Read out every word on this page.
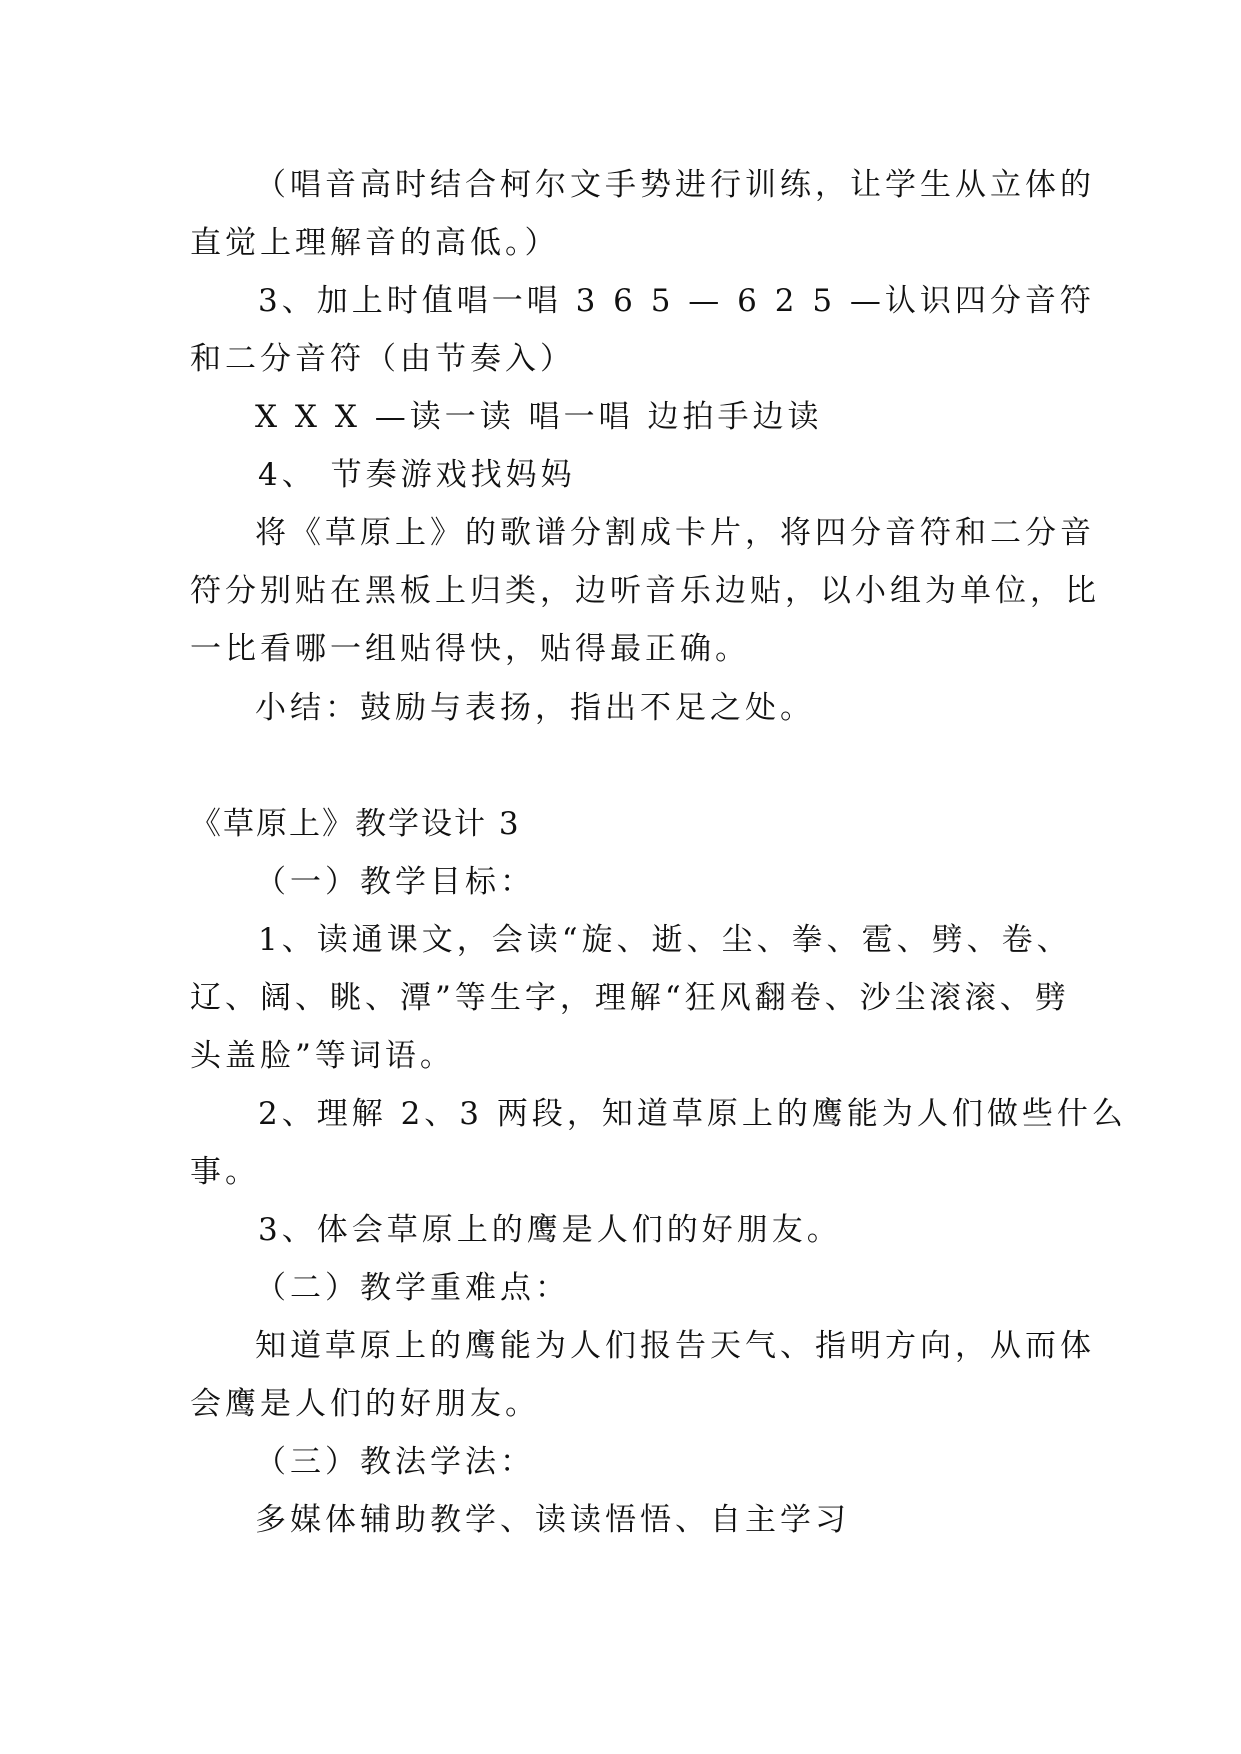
（唱音高时结合柯尔文手势进行训练，让学生从立体的
直觉上理解音的高低。）
3、加上时值唱一唱 3 6 5 — 6 2 5 —认识四分音符
和二分音符（由节奏入）
X X X —读一读 唱一唱 边拍手边读
4、 节奏游戏找妈妈
将《草原上》的歌谱分割成卡片，将四分音符和二分音
符分别贴在黑板上归类，边听音乐边贴，以小组为单位，比
一比看哪一组贴得快，贴得最正确。
小结：鼓励与表扬，指出不足之处。
《草原上》教学设计 3
（一）教学目标：
1、读通课文，会读“旋、逝、尘、拳、雹、劈、卷、
辽、阔、眺、潭”等生字，理解“狂风翻卷、沙尘滚滚、劈
头盖脸”等词语。
2、理解 2、3 两段，知道草原上的鹰能为人们做些什么
事。
3、体会草原上的鹰是人们的好朋友。
（二）教学重难点：
知道草原上的鹰能为人们报告天气、指明方向，从而体
会鹰是人们的好朋友。
（三）教法学法：
多媒体辅助教学、读读悟悟、自主学习
